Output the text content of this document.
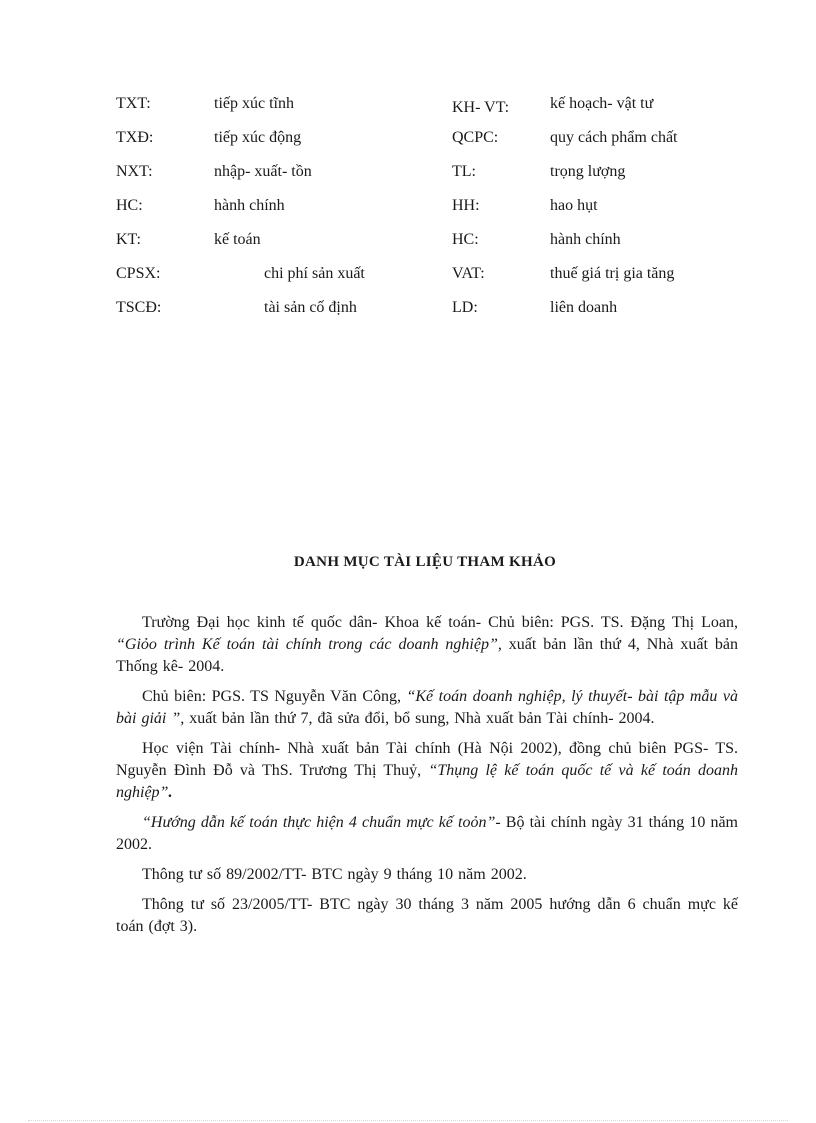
TXT:	tiếp xúc tĩnh
TXĐ:	tiếp xúc động
NXT:	nhập- xuất- tồn
HC:	hành chính
KT:	kế toán
CPSX:	chi phí sản xuất
TSCĐ:	tài sản cố định
KH- VT:	kế hoạch- vật tư
QCPC:	quy cách phẩm chất
TL:	trọng lượng
HH:	hao hụt
HC:	hành chính
VAT:	thuế giá trị gia tăng
LD:	liên doanh
DANH MỤC TÀI LIỆU THAM KHẢO

Trường Đại học kinh tế quốc dân- Khoa kế toán- Chủ biên: PGS. TS. Đặng Thị Loan, “Giỏo trình Kế toán tài chính trong các doanh nghiệp”, xuất bản lần thứ 4, Nhà xuất bản Thống kê- 2004.

Chủ biên: PGS. TS Nguyễn Văn Công, “Kế toán doanh nghiệp, lý thuyết- bài tập mẫu và bài giải ”, xuất bản lần thứ 7, đã sửa đổi, bổ sung, Nhà xuất bản Tài chính- 2004.

Học viện Tài chính- Nhà xuất bản Tài chính (Hà Nội 2002), đồng chủ biên PGS- TS. Nguyễn Đình Đỗ và ThS. Trương Thị Thuỷ, “Thụng lệ kế toán quốc tế và kế toán doanh nghiệp”.

“Hướng dẫn kế toán thực hiện 4 chuẩn mực kế toỏn”- Bộ tài chính ngày 31 tháng 10 năm 2002.

Thông tư số 89/2002/TT- BTC ngày 9 tháng 10 năm 2002.

Thông tư số 23/2005/TT- BTC ngày 30 tháng 3 năm 2005 hướng dẫn 6 chuẩn mực kế toán (đợt 3).
